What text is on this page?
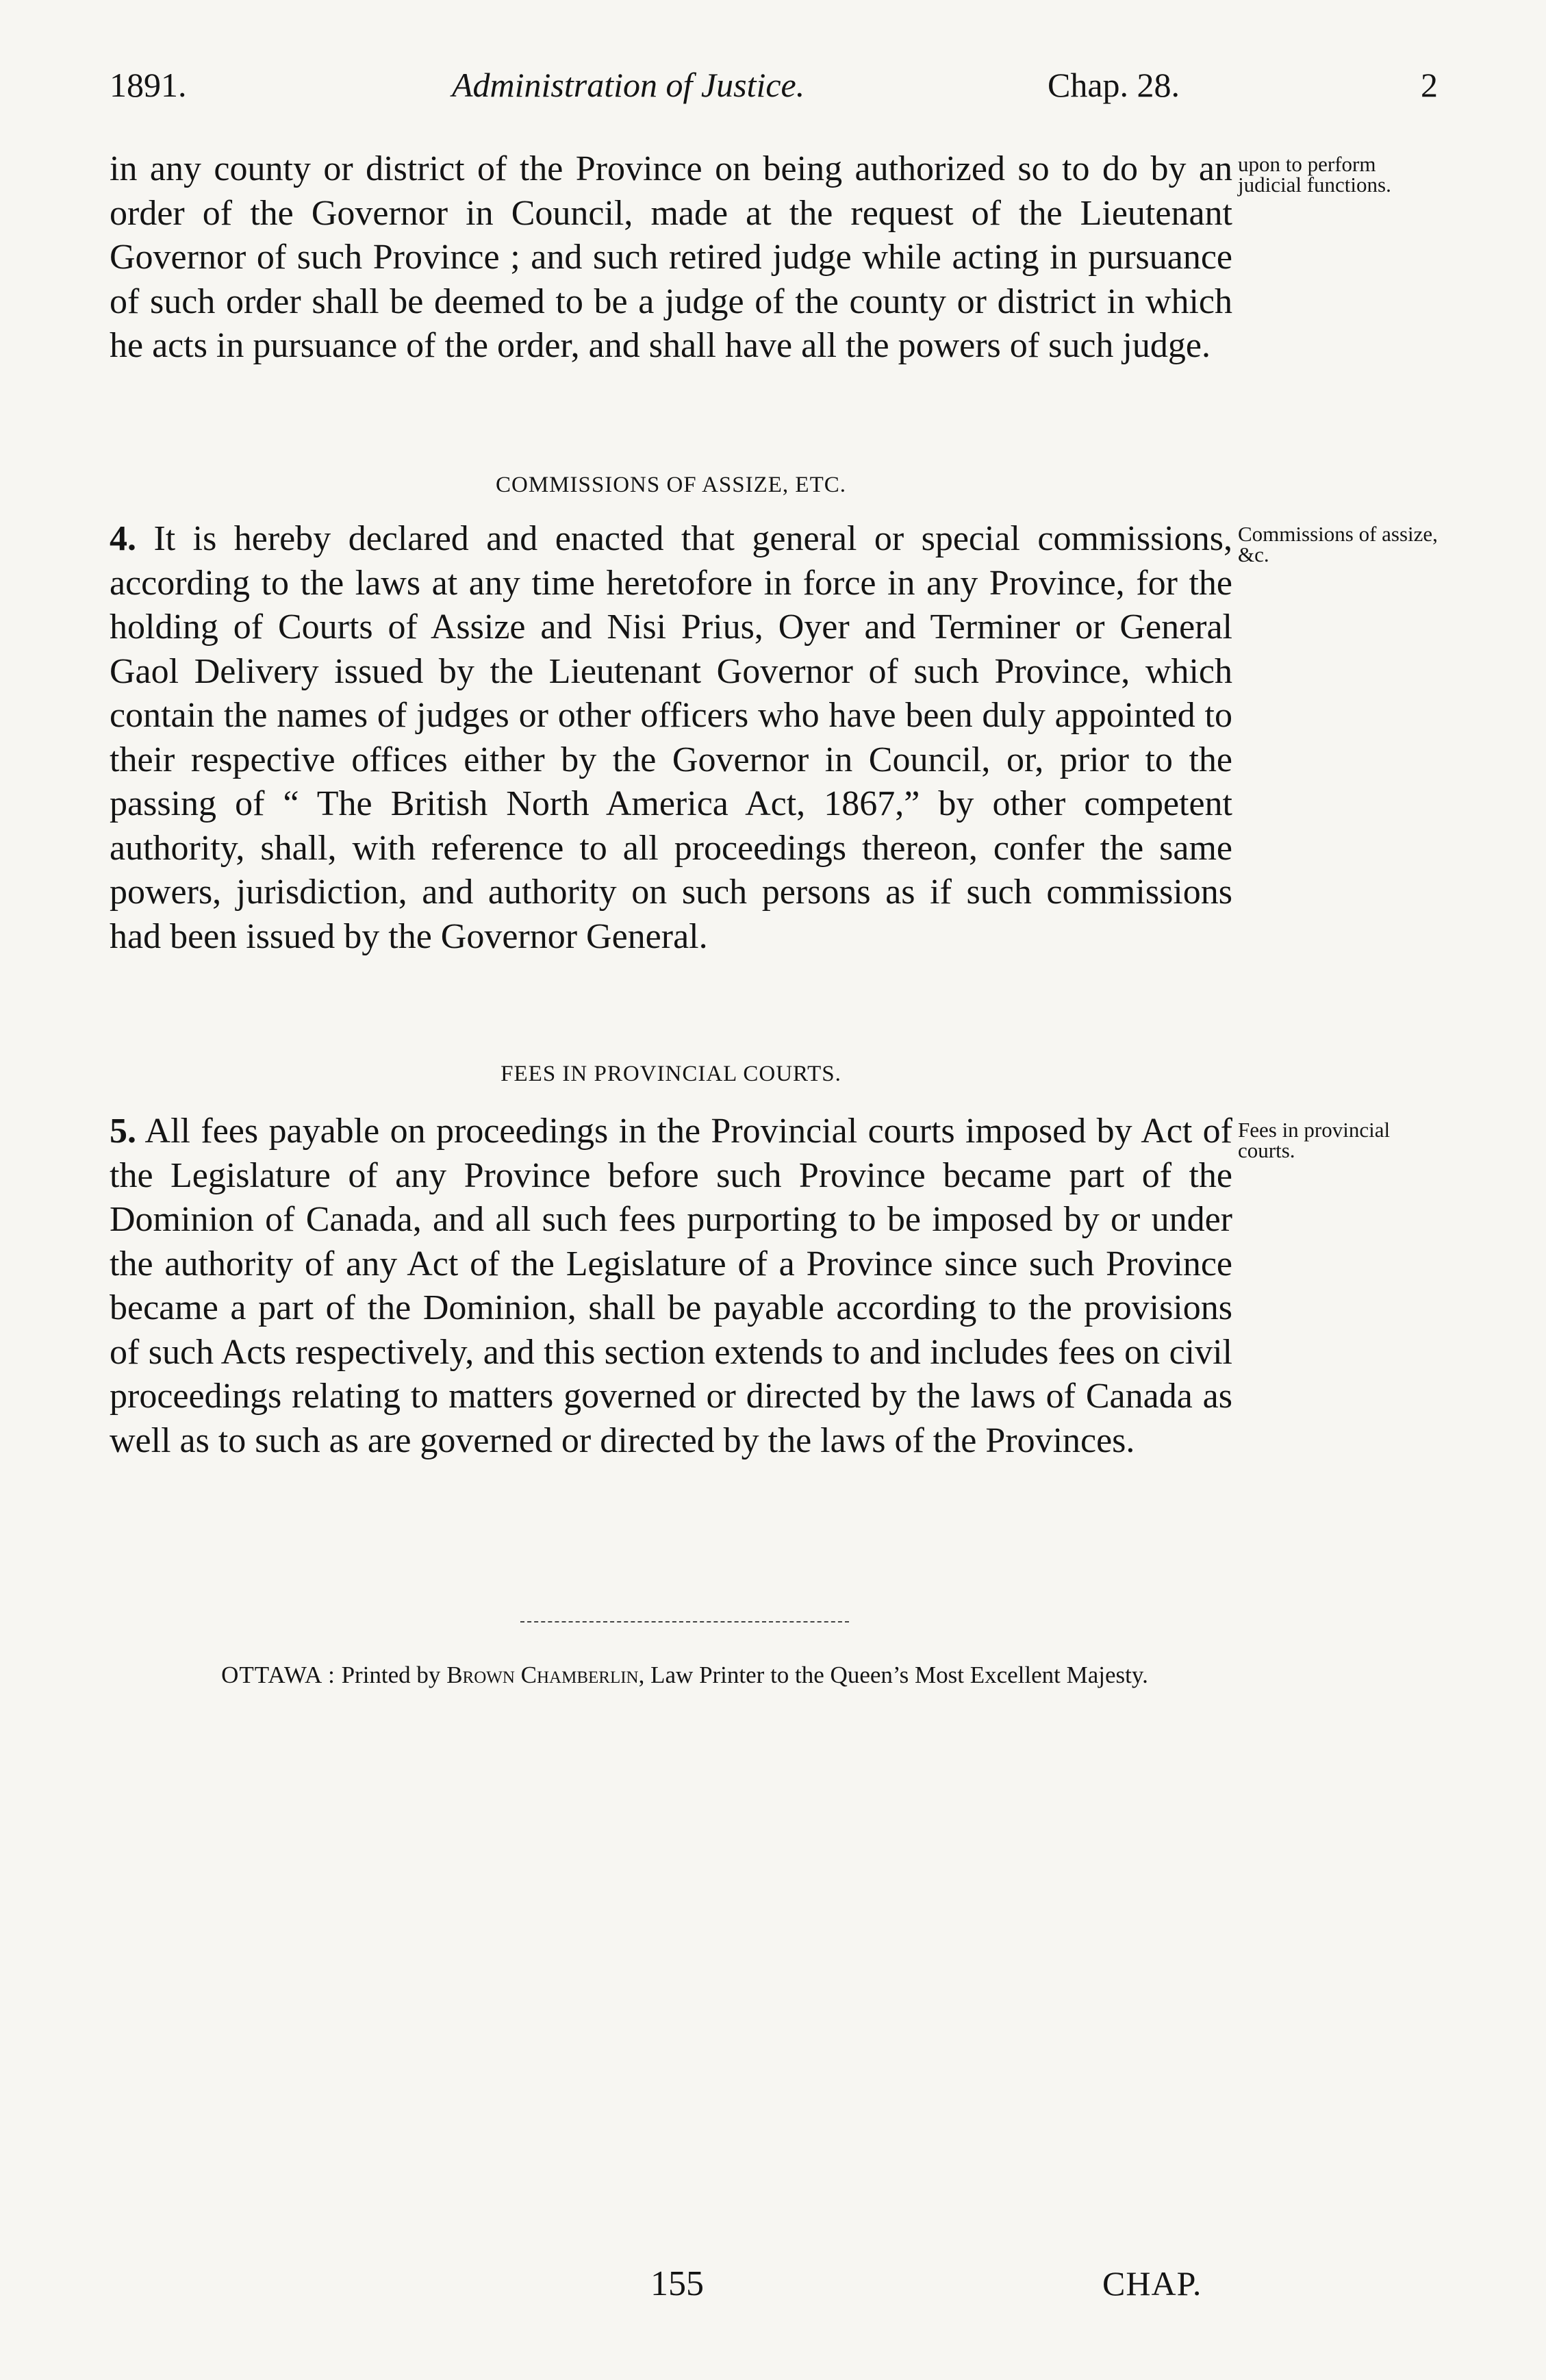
1891.	Administration of Justice.	Chap. 28.	2

in any county or district of the Province on being authorized so to do by an order of the Governor in Council, made at the request of the Lieutenant Governor of such Province ; and such retired judge while acting in pursuance of such order shall be deemed to be a judge of the county or district in which he acts in pursuance of the order, and shall have all the powers of such judge.

upon to perform judicial functions.
COMMISSIONS OF ASSIZE, ETC.

4. It is hereby declared and enacted that general or special commissions, according to the laws at any time heretofore in force in any Province, for the holding of Courts of Assize and Nisi Prius, Oyer and Terminer or General Gaol Delivery issued by the Lieutenant Governor of such Province, which contain the names of judges or other officers who have been duly appointed to their respective offices either by the Governor in Council, or, prior to the passing of “ The British North America Act, 1867,” by other competent authority, shall, with reference to all proceedings thereon, confer the same powers, jurisdiction, and authority on such persons as if such commissions had been issued by the Governor General.

Commissions of assize, &c.
FEES IN PROVINCIAL COURTS.

5. All fees payable on proceedings in the Provincial courts imposed by Act of the Legislature of any Province before such Province became part of the Dominion of Canada, and all such fees purporting to be imposed by or under the authority of any Act of the Legislature of a Province since such Province became a part of the Dominion, shall be payable according to the provisions of such Acts respectively, and this section extends to and includes fees on civil proceedings relating to matters governed or directed by the laws of Canada as well as to such as are governed or directed by the laws of the Provinces.

Fees in provincial courts.
OTTAWA : Printed by Brown Chamberlin, Law Printer to the Queen’s Most Excellent Majesty.
155	CHAP.
